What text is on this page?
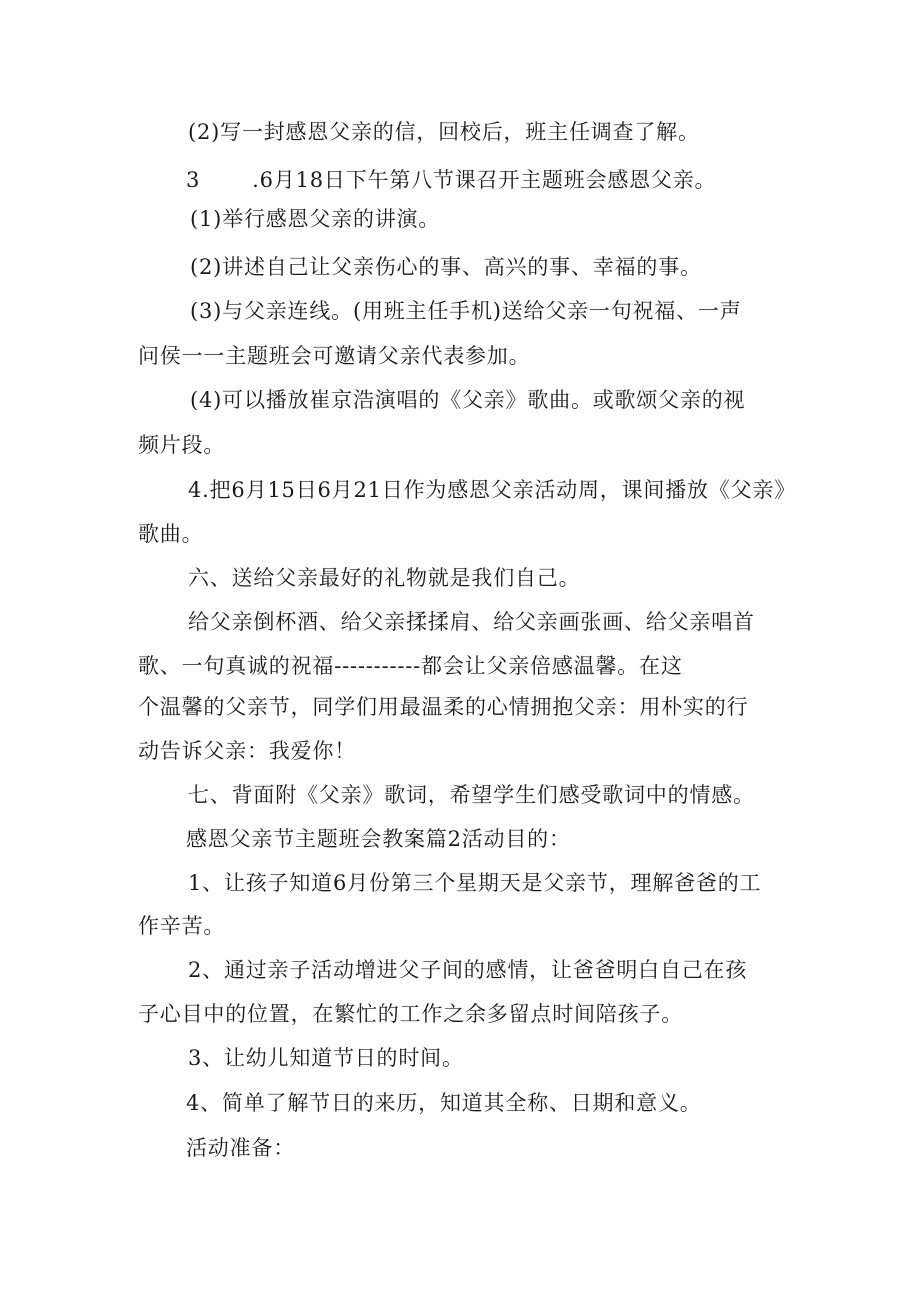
(2)写一封感恩父亲的信，回校后，班主任调查了解。
3 .6月18日下午第八节课召开主题班会感恩父亲。
(1)举行感恩父亲的讲演。
(2)讲述自己让父亲伤心的事、高兴的事、幸福的事。
(3)与父亲连线。(用班主任手机)送给父亲一句祝福、一声
问侯一一主题班会可邀请父亲代表参加。
(4)可以播放崔京浩演唱的《父亲》歌曲。或歌颂父亲的视
频片段。
4.把6月15日6月21日作为感恩父亲活动周，课间播放《父亲》
歌曲。
六、送给父亲最好的礼物就是我们自己。
给父亲倒杯酒、给父亲揉揉肩、给父亲画张画、给父亲唱首
歌、一句真诚的祝福-----------都会让父亲倍感温馨。在这
个温馨的父亲节，同学们用最温柔的心情拥抱父亲：用朴实的行
动告诉父亲：我爱你！
七、背面附《父亲》歌词，希望学生们感受歌词中的情感。
感恩父亲节主题班会教案篇2活动目的：
1、让孩子知道6月份第三个星期天是父亲节，理解爸爸的工
作辛苦。
2、通过亲子活动增进父子间的感情，让爸爸明白自己在孩
子心目中的位置，在繁忙的工作之余多留点时间陪孩子。
3、让幼儿知道节日的时间。
4、简单了解节日的来历，知道其全称、日期和意义。
活动准备：
